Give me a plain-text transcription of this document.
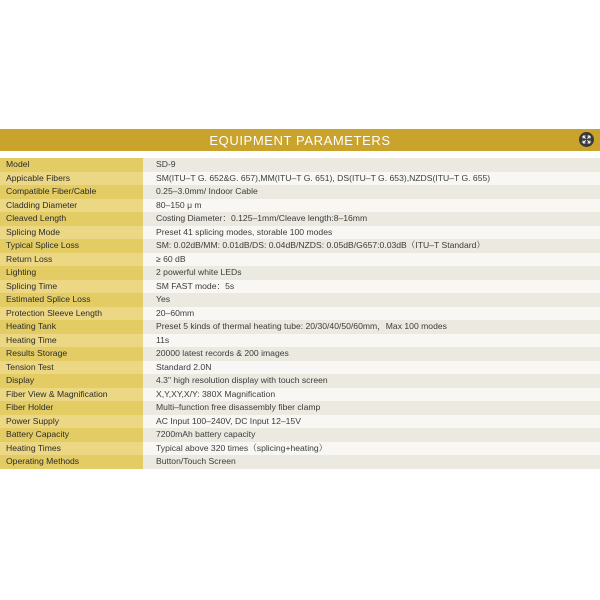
EQUIPMENT PARAMETERS
Model	SD-9
Appicable Fibers	SM(ITU–T G. 652&G. 657),MM(ITU–T G. 651), DS(ITU–T G. 653),NZDS(ITU–T G. 655)
Compatible Fiber/Cable	0.25–3.0mm/ Indoor Cable
Cladding Diameter	80–150 μ m
Cleaved Length	Costing Diameter：0.125–1mm/Cleave length:8–16mm
Splicing Mode	Preset 41 splicing modes, storable 100 modes
Typical Splice Loss	SM: 0.02dB/MM: 0.01dB/DS: 0.04dB/NZDS: 0.05dB/G657:0.03dB（ITU–T Standard）
Return Loss	≥ 60 dB
Lighting	2 powerful white LEDs
Splicing Time	SM FAST mode：5s
Estimated Splice Loss	Yes
Protection Sleeve Length	20–60mm
Heating Tank	Preset 5 kinds of thermal heating tube: 20/30/40/50/60mm，Max 100 modes
Heating Time	11s
Results Storage	20000 latest records & 200 images
Tension Test	Standard 2.0N
Display	4.3" high resolution display with touch screen
Fiber View & Magnification	X,Y,XY,X/Y: 380X Magnification
Fiber Holder	Multi–function free disassembly fiber clamp
Power Supply	AC Input 100–240V, DC Input 12–15V
Battery Capacity	7200mAh battery capacity
Heating Times	Typical above 320 times（splicing+heating）
Operating Methods	Button/Touch Screen
